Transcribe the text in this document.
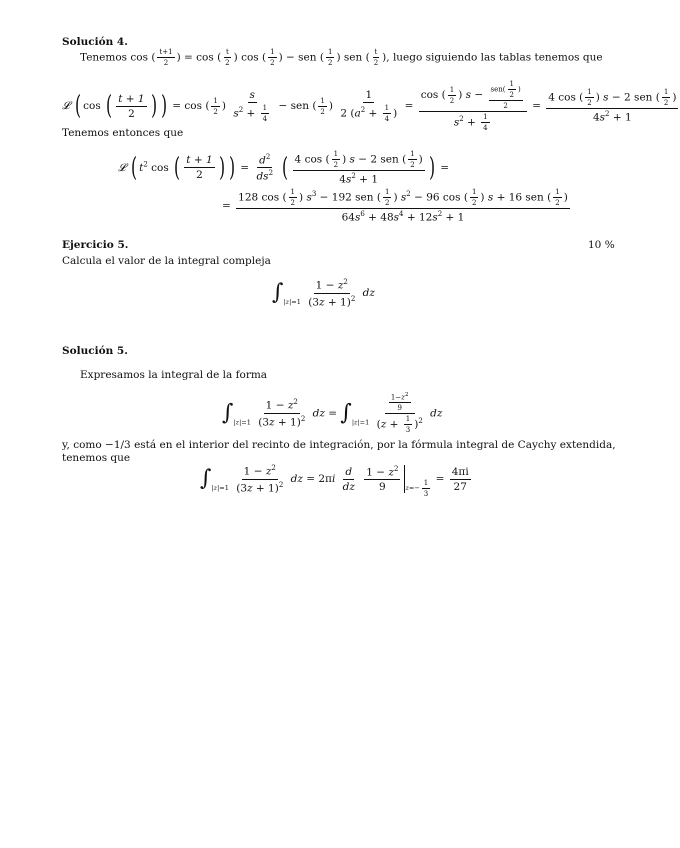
Solución 4.
Tenemos cos ( $\frac{t+1}{2}$ ) = cos ( $\frac{t}{2}$ ) cos ( $\frac{1}{2}$ ) − sen ( $\frac{1}{2}$ ) sen ( $\frac{t}{2}$ ), luego siguiendo las tablas tenemos que
𝓛 ( cos ( $\frac{t + 1}{2}$ ) ) = cos ( $\frac{1}{2}$ ) $\frac{s}{s^2 + \frac{1}{4}}$ − sen ( $\frac{1}{2}$ ) $\frac{1}{2 (a^2 + \frac{1}{4} )} = \frac{\cos ( \frac{1}{2} ) s - \frac{sen( \frac{1}{2} )}{2}}{s^2 + \frac{1}{4}} = \frac{4 \cos ( \frac{1}{2} ) s - 2 sen ( \frac{1}{2} )}{4s^2 + 1}$
Tenemos entonces que
𝓛 ( $t^2$ cos ( $\frac{t + 1}{2}$ ) ) = $\frac{d^2}{ds^2}$ ( $\frac{4 \cos ( \frac{1}{2} ) s - 2 sen ( \frac{1}{2} )}{4s^2 + 1}$ ) =
=
128 cos ( $\frac{1}{2}$ ) $s^3 - 192$ sen ( $\frac{1}{2}$ ) $s^2 - 96$ cos ( $\frac{1}{2}$ ) s + 16 sen ( $\frac{1}{2}$ )
$64s^6 + 48s^4 + 12s^2 + 1$
Ejercicio 5.	10 %
Calcula el valor de la integral compleja
$\int_{|z|=1} \frac{1 - z^2}{(3z + 1)^2}$ dz
Solución 5.
Expresamos la integral de la forma
$\int_{|z|=1} \frac{1 - z^2}{(3z + 1)^2}$ dz = $\int_{|z|=1} \frac{\frac{1-z^2}{9}}{(z + \frac{1}{3} )^2}$ dz
y, como −1/3 está en el interior del recinto de integración, por la fórmula integral de Caychy extendida,
tenemos que
$\int_{|z|=1} \frac{1 - z^2}{(3z + 1)^2}$ dz = $2\pi i \frac{d}{dz}$
$\frac{1 - z^2}{9} _{z=- \frac{1}{3}} = \frac{4\pi i}{27}$
